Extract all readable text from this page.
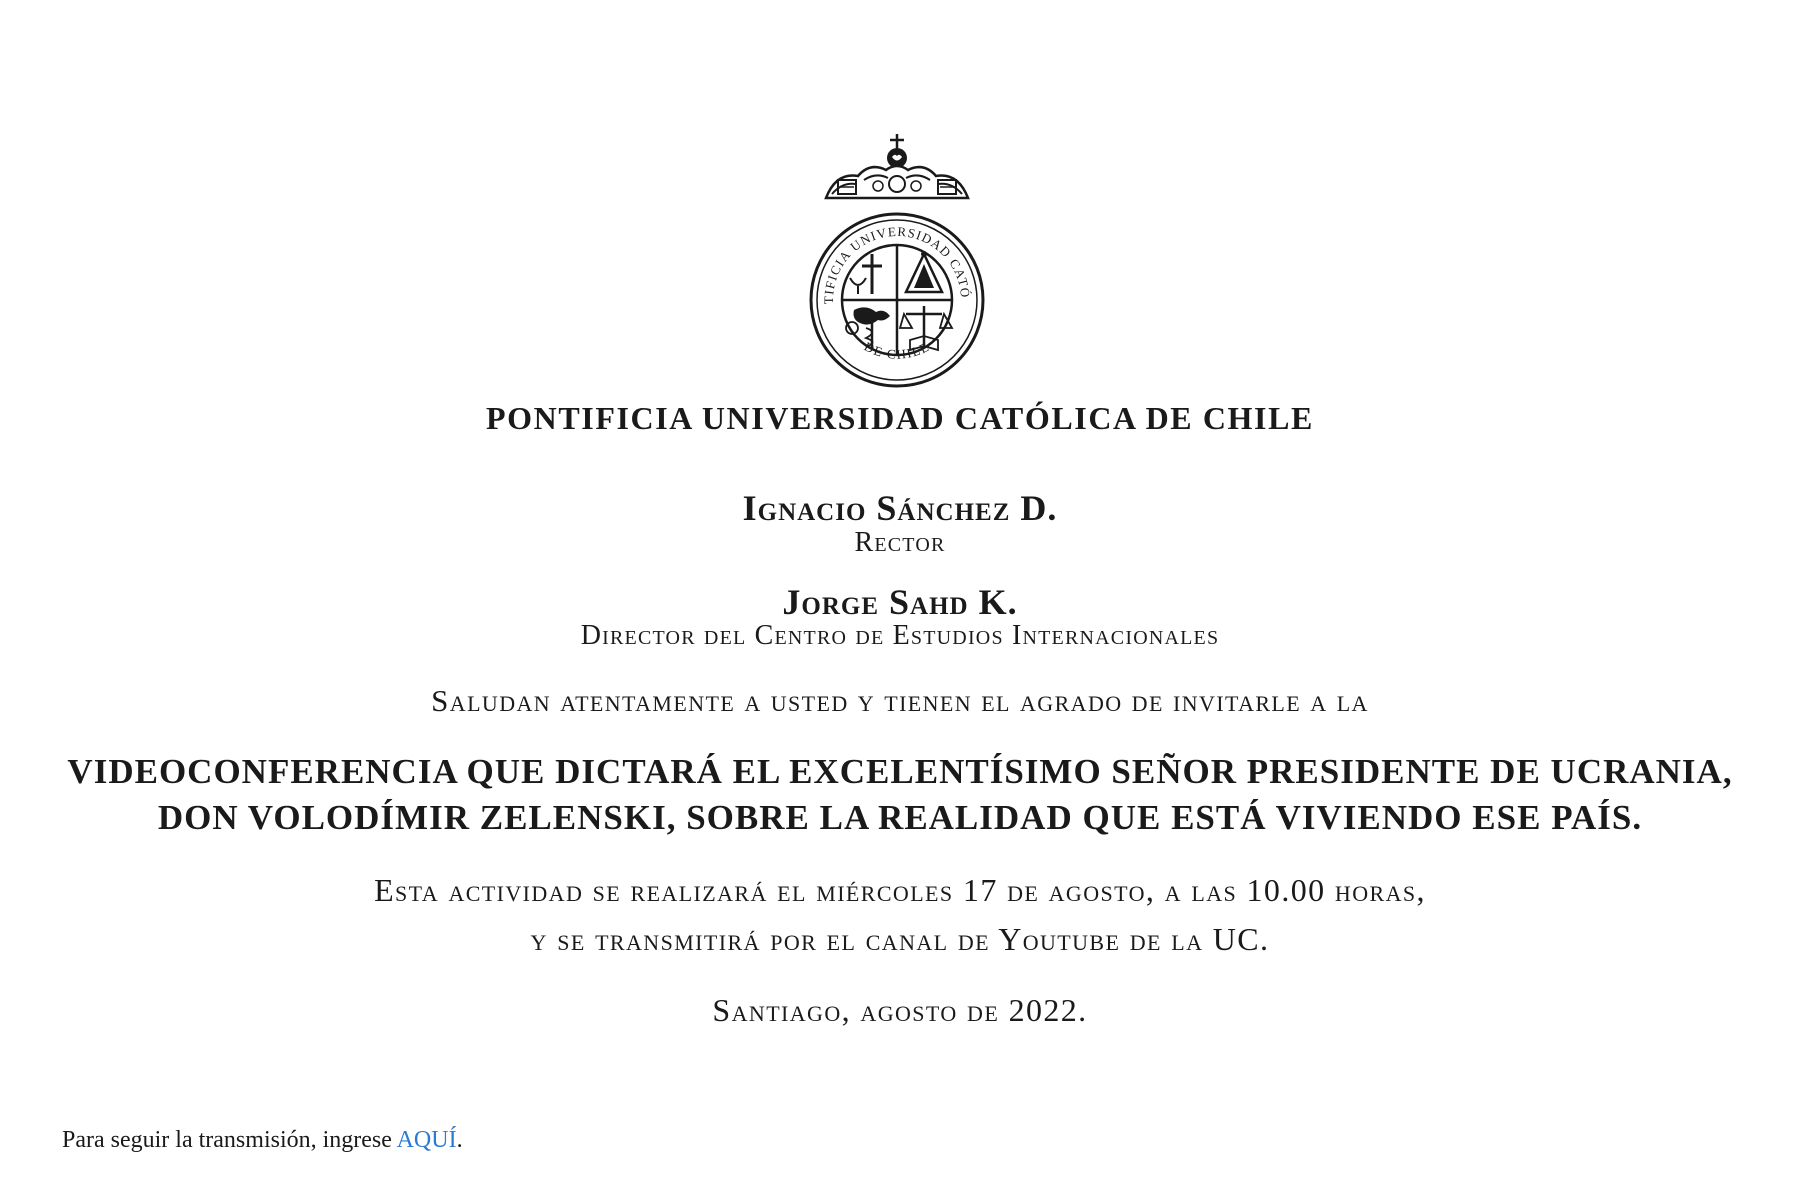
TIFICIA UNIVERSIDAD CATÓ
DE CHILE
PONTIFICIA UNIVERSIDAD CATÓLICA DE CHILE
Ignacio Sánchez D.
Rector
Jorge Sahd K.
Director del Centro de Estudios Internacionales
Saludan atentamente a usted y tienen el agrado de invitarle a la
VIDEOCONFERENCIA QUE DICTARÁ EL EXCELENTÍSIMO SEÑOR PRESIDENTE DE UCRANIA,
DON VOLODÍMIR ZELENSKI, SOBRE LA REALIDAD QUE ESTÁ VIVIENDO ESE PAÍS.
Esta actividad se realizará el miércoles 17 de agosto, a las 10.00 horas,
y se transmitirá por el canal de Youtube de la UC.
Santiago, agosto de 2022.
Para seguir la transmisión, ingrese AQUÍ.
